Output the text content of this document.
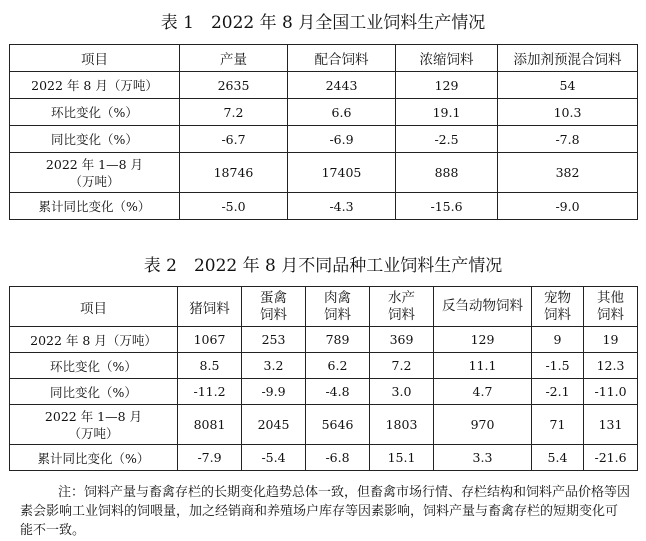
表 1　2022 年 8 月全国工业饲料生产情况
项目	产量	配合饲料	浓缩饲料	添加剂预混合饲料
2022 年 8 月（万吨）	2635	2443	129	54
环比变化（%）	7.2	6.6	19.1	10.3
同比变化（%）	-6.7	-6.9	-2.5	-7.8
2022 年 1—8 月（万吨）	18746	17405	888	382
累计同比变化（%）	-5.0	-4.3	-15.6	-9.0
表 2　2022 年 8 月不同品种工业饲料生产情况
项目	猪饲料	蛋禽饲料	肉禽饲料	水产饲料	反刍动物饲料	宠物饲料	其他饲料
2022 年 8 月（万吨）	1067	253	789	369	129	9	19
环比变化（%）	8.5	3.2	6.2	7.2	11.1	-1.5	12.3
同比变化（%）	-11.2	-9.9	-4.8	3.0	4.7	-2.1	-11.0
2022 年 1—8 月（万吨）	8081	2045	5646	1803	970	71	131
累计同比变化（%）	-7.9	-5.4	-6.8	15.1	3.3	5.4	-21.6
注：饲料产量与畜禽存栏的长期变化趋势总体一致，但畜禽市场行情、存栏结构和饲料产品价格等因素会影响工业饲料的饲喂量，加之经销商和养殖场户库存等因素影响，饲料产量与畜禽存栏的短期变化可能不一致。
